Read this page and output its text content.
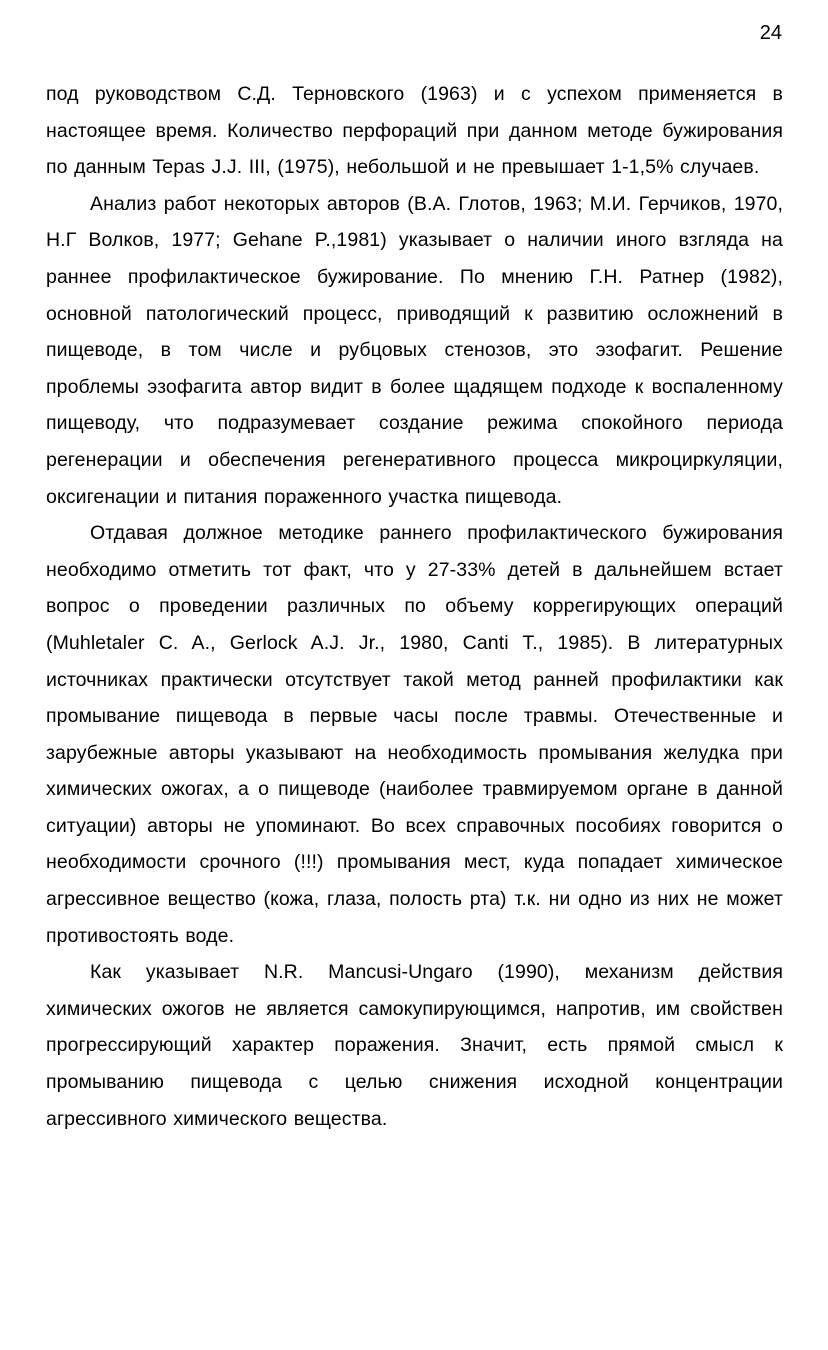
24

под руководством С.Д. Терновского (1963) и с успехом применяется в настоящее время. Количество перфораций при данном методе бужирования по данным Tepas J.J. III, (1975), небольшой и не превышает 1-1,5% случаев.

Анализ работ некоторых авторов (В.А. Глотов, 1963; М.И. Герчиков, 1970, Н.Г Волков, 1977; Gehane P.,1981) указывает о наличии иного взгляда на раннее профилактическое бужирование. По мнению Г.Н. Ратнер (1982), основной патологический процесс, приводящий к развитию осложнений в пищеводе, в том числе и рубцовых стенозов, это эзофагит. Решение проблемы эзофагита автор видит в более щадящем подходе к воспаленному пищеводу, что подразумевает создание режима спокойного периода регенерации и обеспечения регенеративного процесса микроциркуляции, оксигенации и питания пораженного участка пищевода.

Отдавая должное методике раннего профилактического бужирования необходимо отметить тот факт, что у 27-33% детей в дальнейшем встает вопрос о проведении различных по объему коррегирующих операций (Muhletaler C. A., Gerlock A.J. Jr., 1980, Canti T., 1985). В литературных источниках практически отсутствует такой метод ранней профилактики как промывание пищевода в первые часы после травмы. Отечественные и зарубежные авторы указывают на необходимость промывания желудка при химических ожогах, а о пищеводе (наиболее травмируемом органе в данной ситуации) авторы не упоминают. Во всех справочных пособиях говорится о необходимости срочного (!!!) промывания мест, куда попадает химическое агрессивное вещество (кожа, глаза, полость рта) т.к. ни одно из них не может противостоять воде.

Как указывает N.R. Mancusi-Ungaro (1990), механизм действия химических ожогов не является самокупирующимся, напротив, им свойствен прогрессирующий характер поражения. Значит, есть прямой смысл к промыванию пищевода с целью снижения исходной концентрации агрессивного химического вещества.
